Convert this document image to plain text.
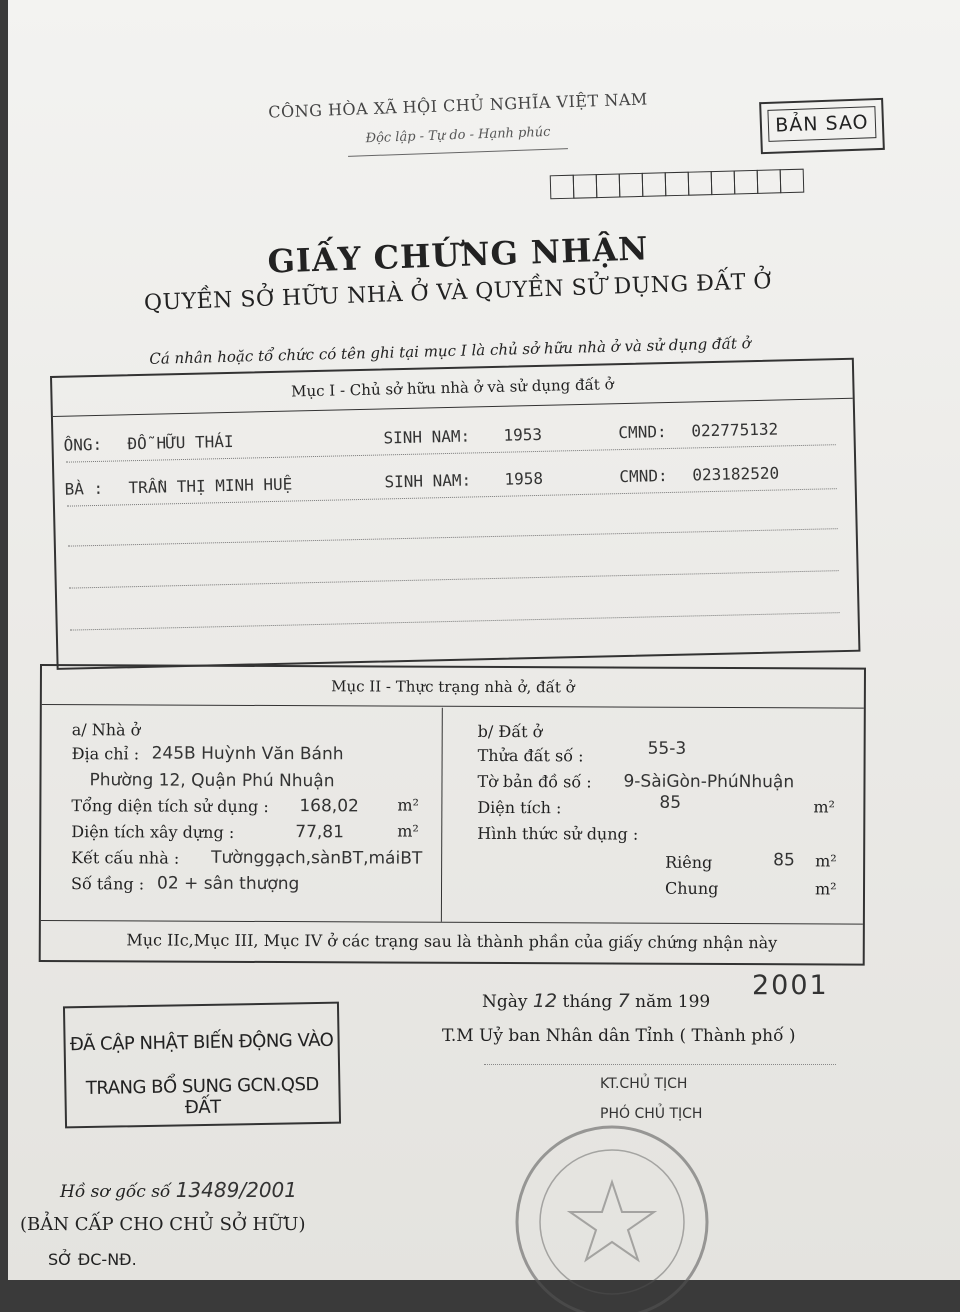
CÔNG HÒA XÃ HỘI CHỦ NGHĨA VIỆT NAM
Độc lập - Tự do - Hạnh phúc	BẢN SAO
GIẤY CHỨNG NHẬN
QUYỀN SỞ HỮU NHÀ Ở VÀ QUYỀN SỬ DỤNG ĐẤT Ở
Cá nhân hoặc tổ chức có tên ghi tại mục I là chủ sở hữu nhà ở và sử dụng đất ở
Mục I - Chủ sở hữu nhà ở và sử dụng đất ở
ÔNG: ĐỖ HỮU THÁI	SINH NAM: 1953	CMND: 022775132
BÀ : TRẦN THỊ MINH HUỆ	SINH NAM: 1958	CMND: 023182520
Mục II - Thực trạng nhà ở, đất ở
a/ Nhà ở
Địa chỉ : 245B Huỳnh Văn Bánh
Phường 12, Quận Phú Nhuận
Tổng diện tích sử dụng : 168,02 m²
Diện tích xây dựng :	77,81	m²
Kết cấu nhà : Tườnggạch,sànBT,máiBT
Số tầng : 02 + sân thượng
b/ Đất ở
Thửa đất số :	55-3
Tờ bản đồ số : 9-SàiGòn-PhúNhuận
Diện tích :	85	m²
Hình thức sử dụng :
Riêng	85 m²
Chung	m²
Mục IIc,Mục III, Mục IV ở các trạng sau là thành phần của giấy chứng nhận này
2001
Ngày 12 tháng 7 năm 199
T.M Uỷ ban Nhân dân Tỉnh ( Thành phố )
KT.CHỦ TỊCH
PHÓ CHỦ TỊCH
ĐÃ CẬP NHẬT BIẾN ĐỘNG VÀO
TRANG BỔ SUNG GCN.QSD ĐẤT
Hồ sơ gốc số 13489/2001
(BẢN CẤP CHO CHỦ SỞ HỮU)
SỞ ĐC-NĐ.
